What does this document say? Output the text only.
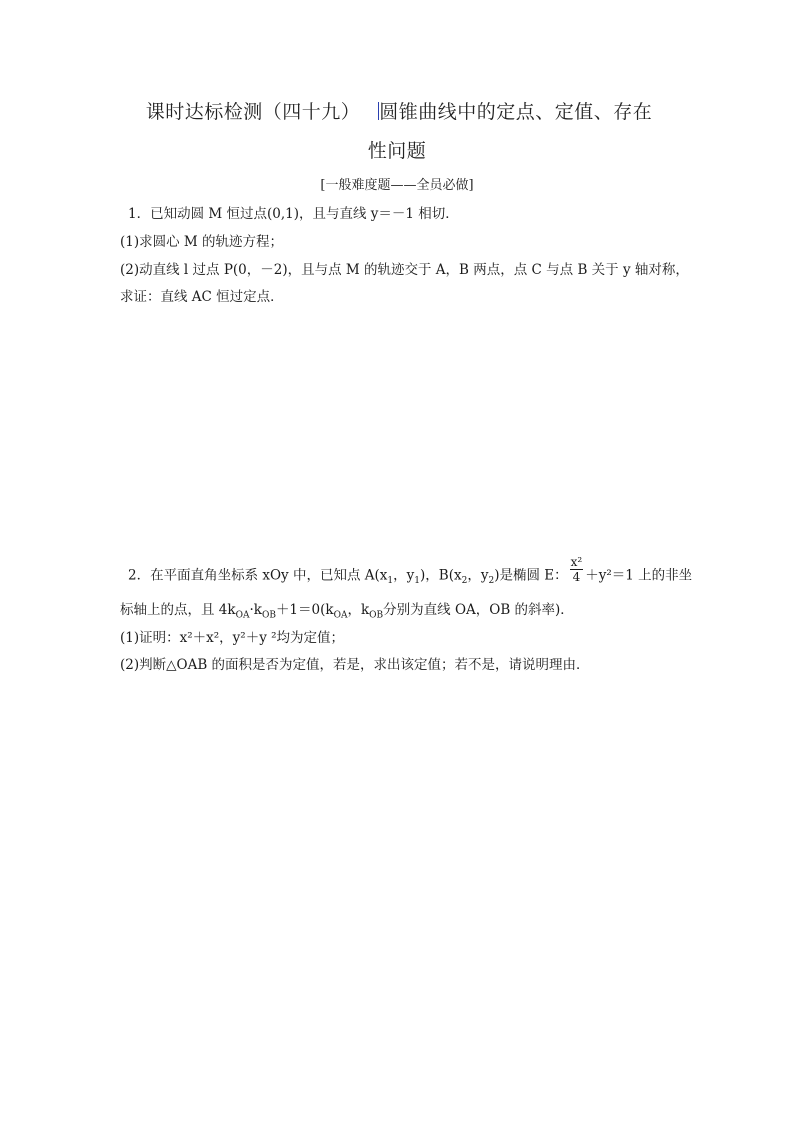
课时达标检测（四十九） 圆锥曲线中的定点、定值、存在
性问题
[一般难度题——全员必做]
1．已知动圆 M 恒过点(0,1)，且与直线 y＝－1 相切．
(1)求圆心 M 的轨迹方程；
(2)动直线 l 过点 P(0，－2)，且与点 M 的轨迹交于 A，B 两点，点 C 与点 B 关于 y 轴对称，
求证：直线 AC 恒过定点．
2．在平面直角坐标系 xOy 中，已知点 $A(x_1$，$y_1$)，$B(x_2$，$y_2$)是椭圆 E： $\frac{\text{x²}}{4} +y^2=1$ 上的非坐
标轴上的点，且 $4k_{OA}\cdot k_{OB}+1=0(k_{OA}$，$k_{OB}$分别为直线 OA，OB 的斜率)．
(1)证明：x²＋x²，y²＋y ²均为定值；
(2)判断△OAB 的面积是否为定值，若是，求出该定值；若不是，请说明理由．
